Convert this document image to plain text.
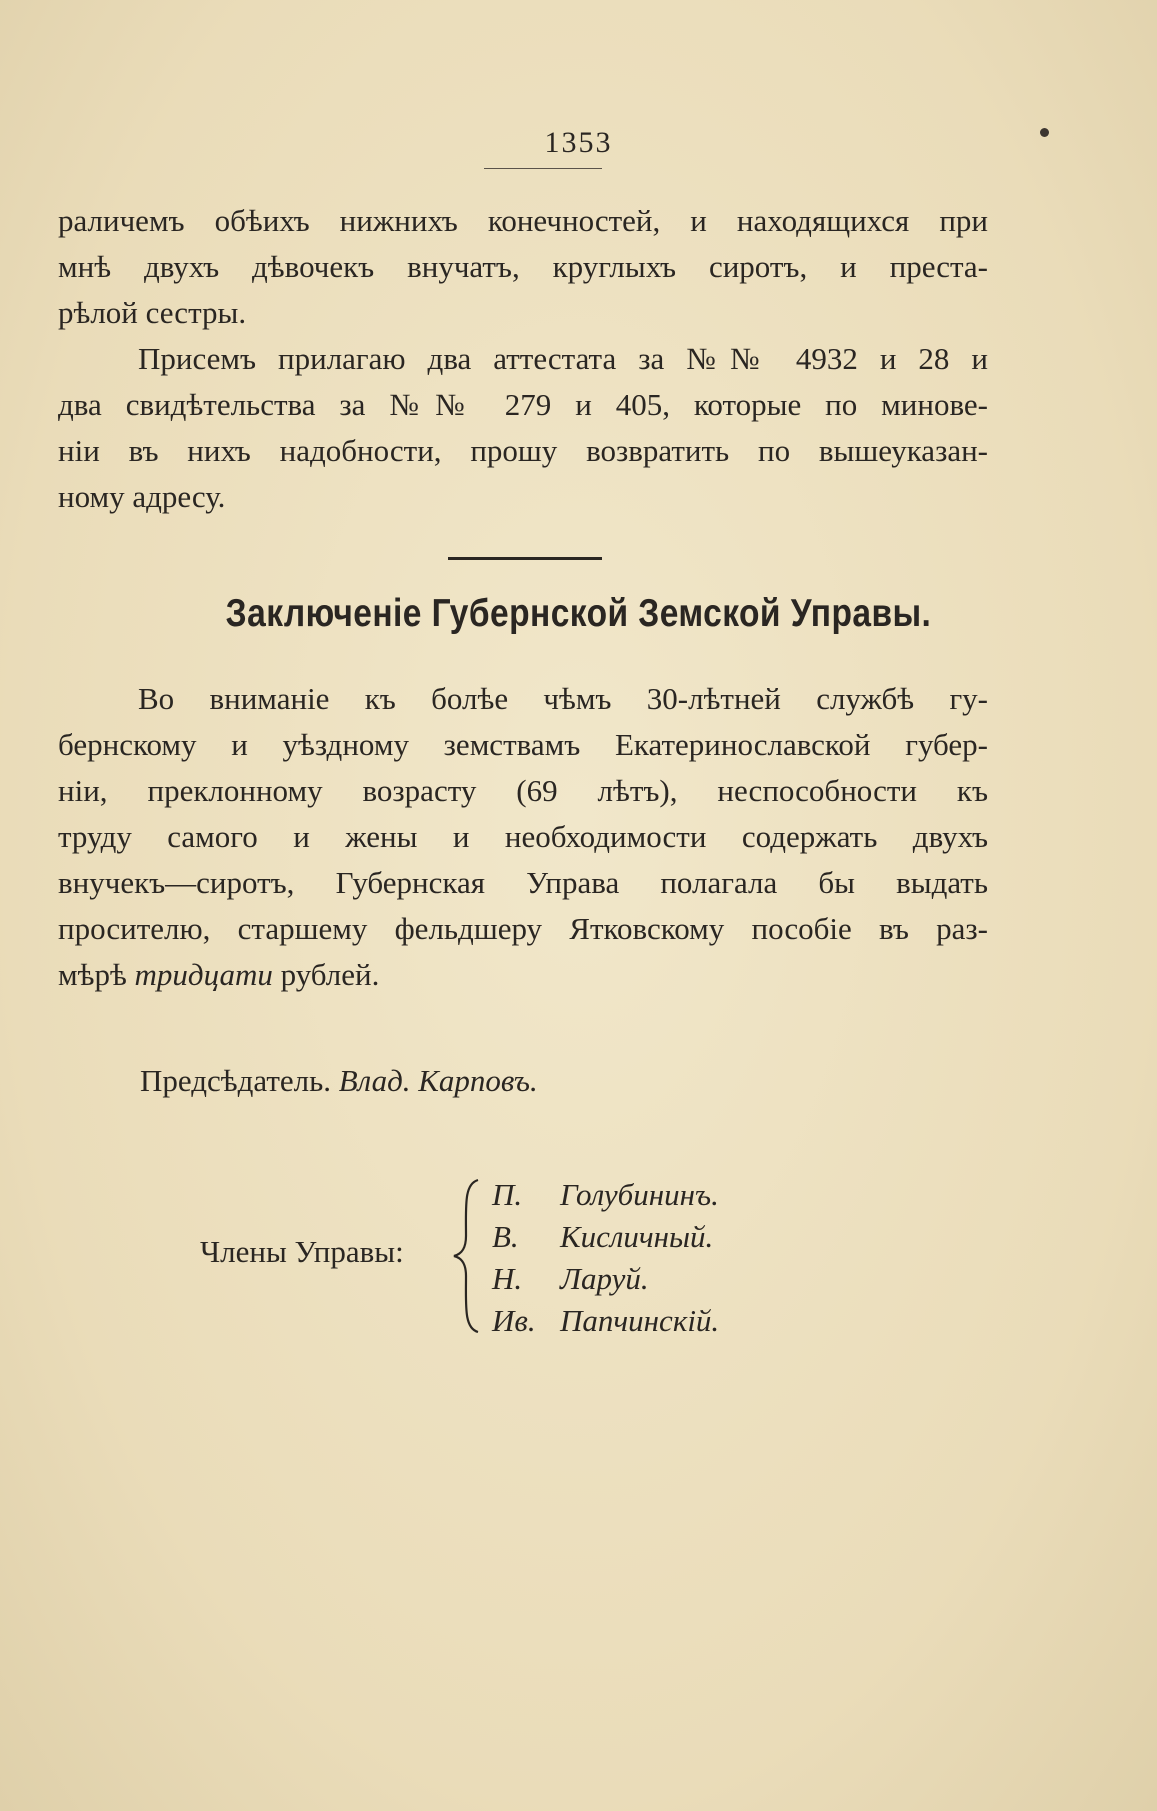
1353
раличемъ обѣихъ нижнихъ конечностей, и находящихся при
мнѣ двухъ дѣвочекъ внучатъ, круглыхъ сиротъ, и преста-
рѣлой сестры.
Присемъ прилагаю два аттестата за №№ 4932 и 28 и
два свидѣтельства за №№ 279 и 405, которые по минове-
ніи въ нихъ надобности, прошу возвратить по вышеуказан-
ному адресу.
Заключеніе Губернской Земской Управы.
Во вниманіе къ болѣе чѣмъ 30-лѣтней службѣ гу-
бернскому и уѣздному земствамъ Екатеринославской губер-
ніи, преклонному возрасту (69 лѣтъ), неспособности къ
труду самого и жены и необходимости содержать двухъ
внучекъ—сиротъ, Губернская Управа полагала бы выдать
просителю, старшему фельдшеру Ятковскому пособіе въ раз-
мѣрѣ тридцати рублей.
Предсѣдатель. Влад. Карповъ.
Члены Управы:
П. Голубининъ.
В. Кисличный.
Н. Ларуй.
Ив. Папчинскій.
